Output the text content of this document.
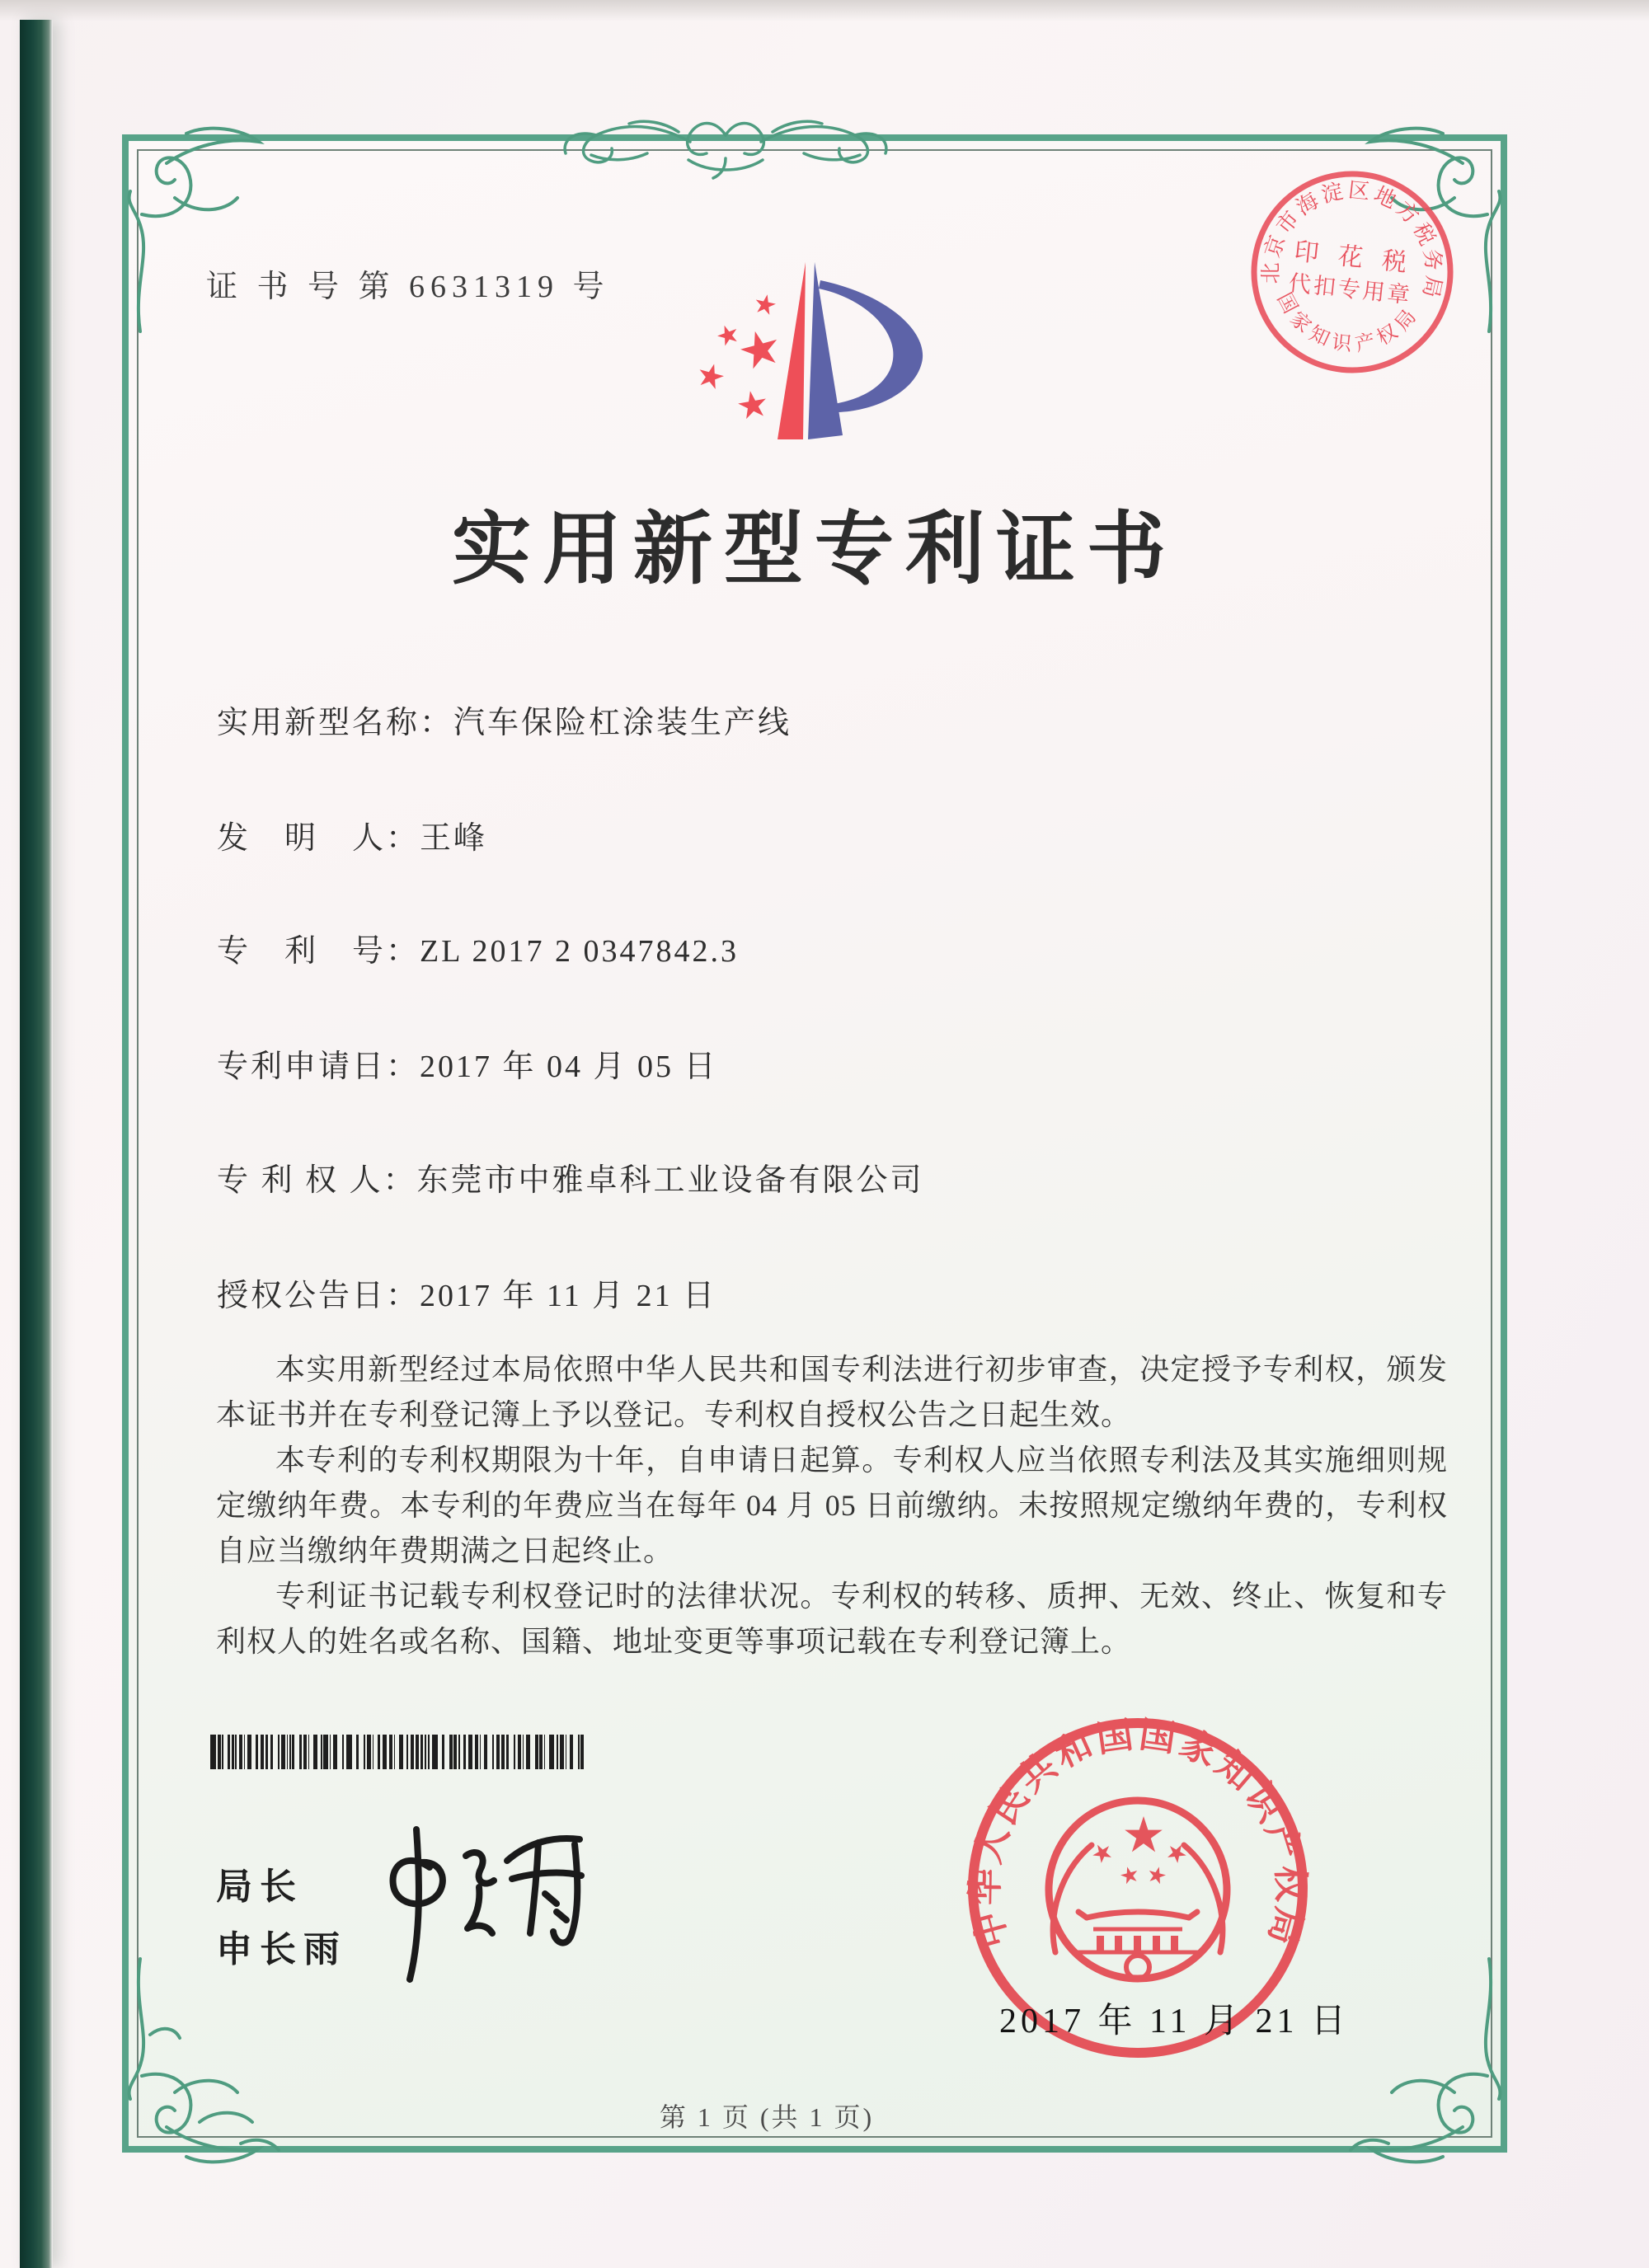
证 书 号 第 6631319 号	北京市海淀区地方税务局
国家知识产权局
印 花 税
代扣专用章
实用新型专利证书
实用新型名称：汽车保险杠涂装生产线
发　明　人：王峰
专　利　号：ZL 2017 2 0347842.3
专利申请日：2017 年 04 月 05 日
专 利 权 人：东莞市中雅卓科工业设备有限公司
授权公告日：2017 年 11 月 21 日

本实用新型经过本局依照中华人民共和国专利法进行初步审查，决定授予专利权，颁发本证书并在专利登记簿上予以登记。专利权自授权公告之日起生效。

本专利的专利权期限为十年，自申请日起算。专利权人应当依照专利法及其实施细则规定缴纳年费。本专利的年费应当在每年 04 月 05 日前缴纳。未按照规定缴纳年费的，专利权自应当缴纳年费期满之日起终止。

专利证书记载专利权登记时的法律状况。专利权的转移、质押、无效、终止、恢复和专利权人的姓名或名称、国籍、地址变更等事项记载在专利登记簿上。

局长
申长雨	中华人民共和国国家知识产权局
2017 年 11 月 21 日
第 1 页 (共 1 页)
